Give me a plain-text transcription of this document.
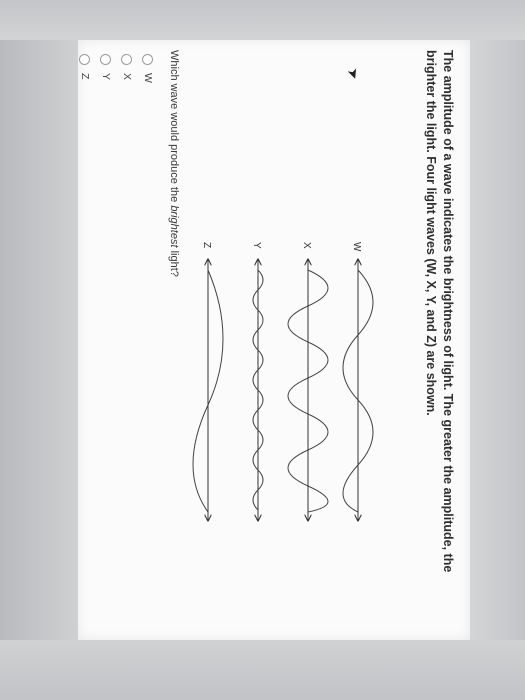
The amplitude of a wave indicates the brightness of light. The greater the amplitude, the brighter the light. Four light waves (W, X, Y, and Z) are shown.
➤
W
X
Y
Z
Which wave would produce the brightest light?
W
X
Y
Z
